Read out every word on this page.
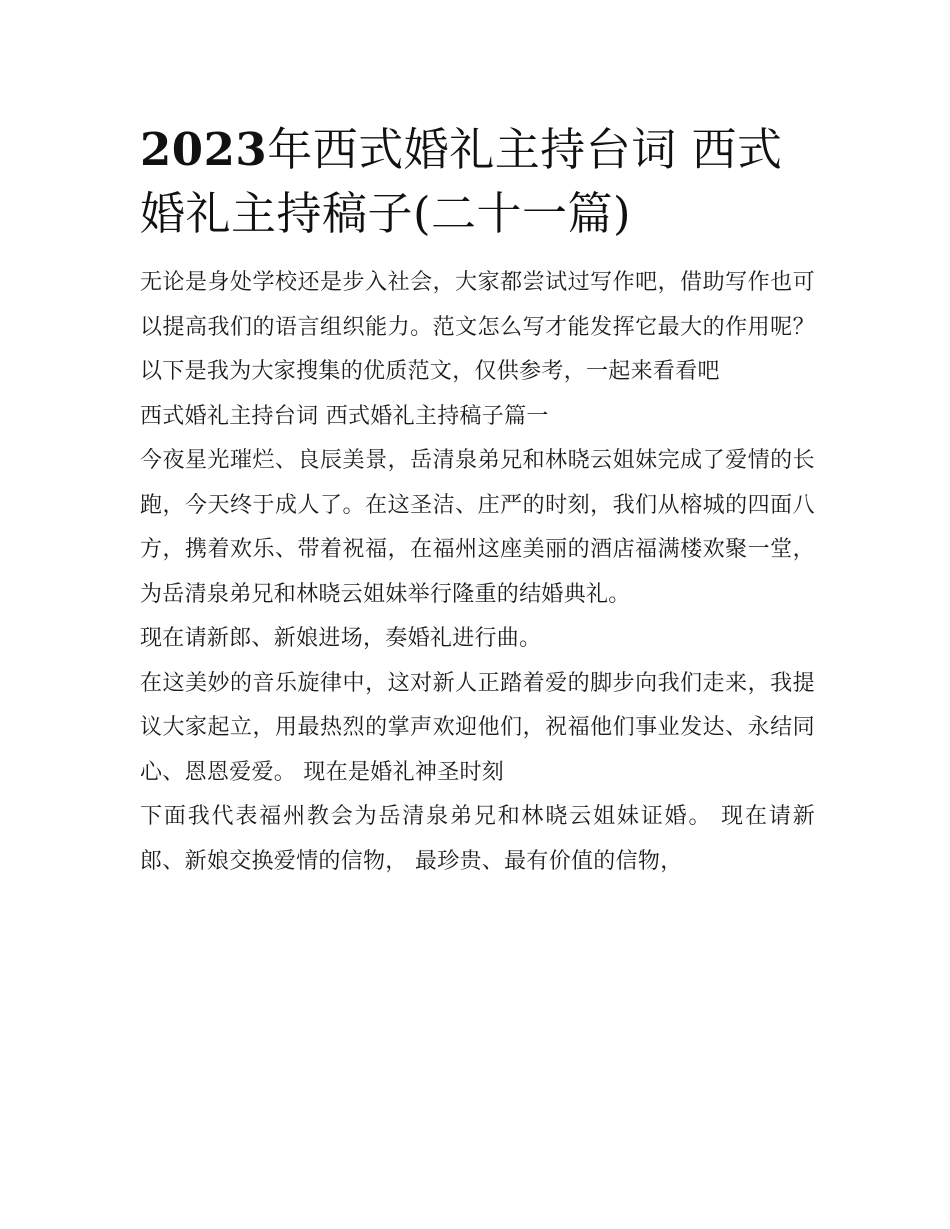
2023年西式婚礼主持台词 西式婚礼主持稿子(二十一篇)

无论是身处学校还是步入社会，大家都尝试过写作吧，借助写作也可以提高我们的语言组织能力。范文怎么写才能发挥它最大的作用呢？以下是我为大家搜集的优质范文，仅供参考，一起来看看吧

西式婚礼主持台词 西式婚礼主持稿子篇一

今夜星光璀烂、良辰美景，岳清泉弟兄和林晓云姐妹完成了爱情的长跑，今天终于成人了。在这圣洁、庄严的时刻，我们从榕城的四面八方，携着欢乐、带着祝福，在福州这座美丽的酒店福满楼欢聚一堂，为岳清泉弟兄和林晓云姐妹举行隆重的结婚典礼。

现在请新郎、新娘进场，奏婚礼进行曲。

在这美妙的音乐旋律中，这对新人正踏着爱的脚步向我们走来，我提议大家起立，用最热烈的掌声欢迎他们，祝福他们事业发达、永结同心、恩恩爱爱。 现在是婚礼神圣时刻

下面我代表福州教会为岳清泉弟兄和林晓云姐妹证婚。 现在请新郎、新娘交换爱情的信物， 最珍贵、最有价值的信物，
